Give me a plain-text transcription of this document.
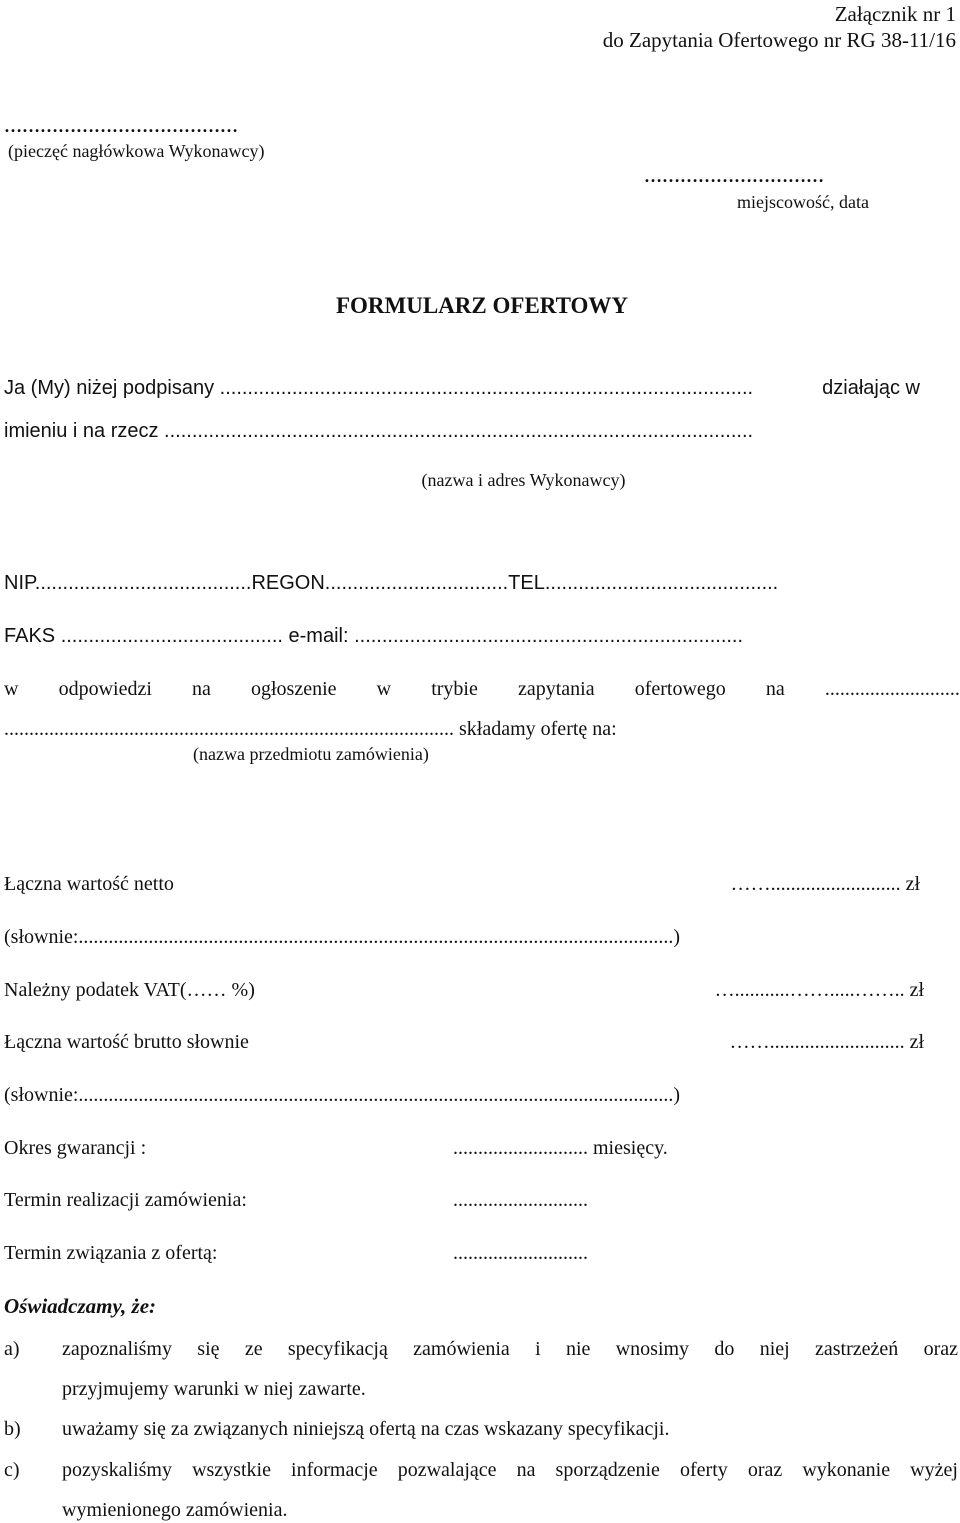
Załącznik nr 1
do Zapytania Ofertowego nr RG 38-11/16
…………………………………
(pieczęć nagłówkowa Wykonawcy)
…………………………
miejscowość, data
FORMULARZ OFERTOWY
Ja (My) niżej podpisany ................................................................................................	działając w
imieniu i na rzecz ..........................................................................................................
(nazwa i adres Wykonawcy)
NIP.......................................REGON.................................TEL..........................................
FAKS ........................................ e-mail: ......................................................................
w odpowiedzi na ogłoszenie w trybie zapytania ofertowego na ...........................
.......................................................................................... składamy ofertę na:
(nazwa przedmiotu zamówienia)
Łączna wartość netto	…….......................... zł
(słownie:.......................................................................................................................)
Należny podatek VAT(…… %)	…...........…….....…….. zł
Łączna wartość brutto słownie	……........................... zł
(słownie:.......................................................................................................................)
Okres gwarancji :	........................... miesięcy.
Termin realizacji zamówienia:	...........................
Termin związania z ofertą:	...........................
Oświadczamy, że:
a) zapoznaliśmy się ze specyfikacją zamówienia i nie wnosimy do niej zastrzeżeń oraz
przyjmujemy warunki w niej zawarte.
b) uważamy się za związanych niniejszą ofertą na czas wskazany specyfikacji.
c) pozyskaliśmy wszystkie informacje pozwalające na sporządzenie oferty oraz wykonanie wyżej
wymienionego zamówienia.
